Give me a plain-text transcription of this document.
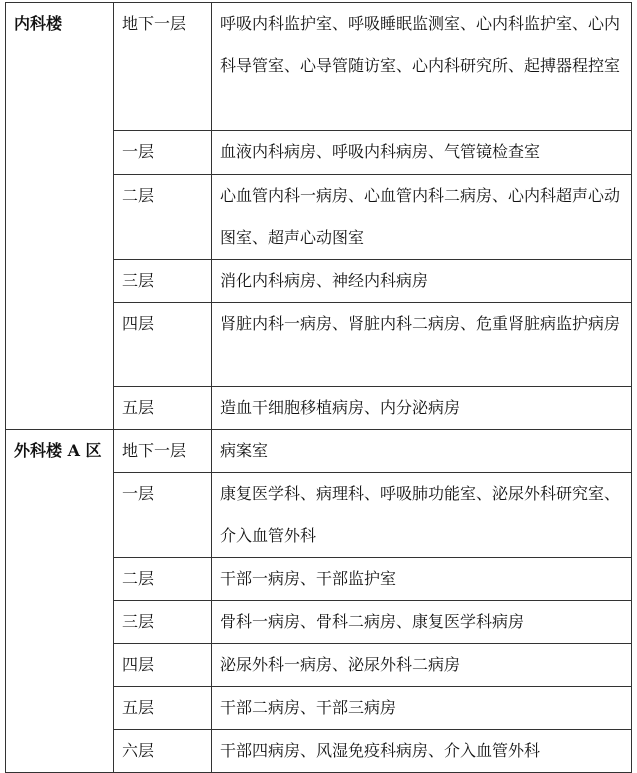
内科楼	地下一层	呼吸内科监护室、呼吸睡眠监测室、心内科监护室、心内科导管室、心导管随访室、心内科研究所、起搏器程控室
	一层	血液内科病房、呼吸内科病房、气管镜检查室
	二层	心血管内科一病房、心血管内科二病房、心内科超声心动图室、超声心动图室
	三层	消化内科病房、神经内科病房
	四层	肾脏内科一病房、肾脏内科二病房、危重肾脏病监护病房
	五层	造血干细胞移植病房、内分泌病房
外科楼 A 区	地下一层	病案室
	一层	康复医学科、病理科、呼吸肺功能室、泌尿外科研究室、介入血管外科
	二层	干部一病房、干部监护室
	三层	骨科一病房、骨科二病房、康复医学科病房
	四层	泌尿外科一病房、泌尿外科二病房
	五层	干部二病房、干部三病房
	六层	干部四病房、风湿免疫科病房、介入血管外科
